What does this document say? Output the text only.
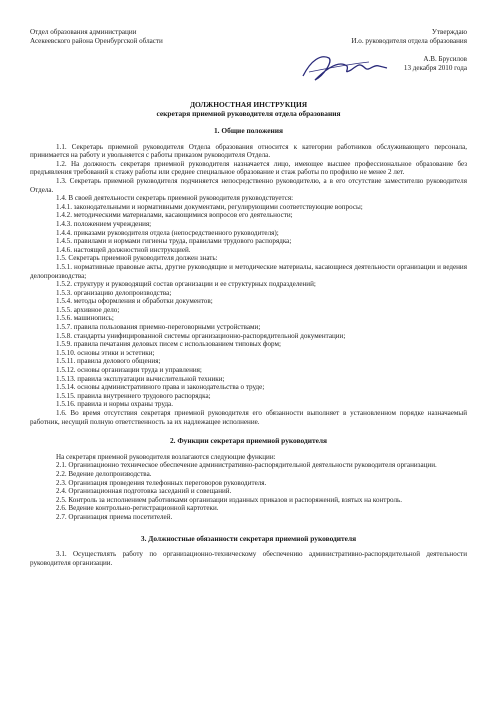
Отдел образования администрации
Асекеевского района Оренбургской области
Утверждаю
И.о. руководителя отдела образования
А.В. Брусилов
13 декабря 2010 года
ДОЛЖНОСТНАЯ ИНСТРУКЦИЯ
секретаря приемной руководителя отдела образования
1. Общие положения

1.1. Секретарь приемной руководителя Отдела образования относится к категории работников обслуживающего персонала, принимается на работу и увольняется с работы приказом руководителя Отдела.

1.2. На должность секретаря приемной руководителя назначается лицо, имеющее высшее профессиональное образование без предъявления требований к стажу работы или среднее специальное образование и стаж работы по профилю не менее 2 лет.

1.3. Секретарь приемной руководителя подчиняется непосредственно руководителю, а в его отсутствие заместителю руководителя Отдела.

1.4. В своей деятельности секретарь приемной руководителя руководствуется:

1.4.1. законодательными и нормативными документами, регулирующими соответствующие вопросы;

1.4.2. методическими материалами, касающимися вопросов его деятельности;

1.4.3. положением учреждения;

1.4.4. приказами руководителя отдела (непосредственного руководителя);

1.4.5. правилами и нормами гигиены труда, правилами трудового распорядка;

1.4.6. настоящей должностной инструкцией.

1.5. Секретарь приемной руководителя должен знать:

1.5.1. нормативные правовые акты, другие руководящие и методические материалы, касающиеся деятельности организации и ведения делопроизводства;

1.5.2. структуру и руководящий состав организации и ее структурных подразделений;

1.5.3. организацию делопроизводства;

1.5.4. методы оформления и обработки документов;

1.5.5. архивное дело;

1.5.6. машинопись;

1.5.7. правила пользования приемно-переговорными устройствами;

1.5.8. стандарты унифицированной системы организационно-распорядительной документации;

1.5.9. правила печатания деловых писем с использованием типовых форм;

1.5.10. основы этики и эстетики;

1.5.11. правила делового общения;

1.5.12. основы организации труда и управления;

1.5.13. правила эксплуатации вычислительной техники;

1.5.14. основы административного права и законодательства о труде;

1.5.15. правила внутреннего трудового распорядка;

1.5.16. правила и нормы охраны труда.

1.6. Во время отсутствия секретаря приемной руководителя его обязанности выполняет в установленном порядке назначаемый работник, несущий полную ответственность за их надлежащее исполнение.

2. Функции секретаря приемной руководителя

На секретаря приемной руководителя возлагаются следующие функции:

2.1. Организационно техническое обеспечение административно-распорядительной деятельности руководителя организации.

2.2. Ведение делопроизводства.

2.3. Организация проведения телефонных переговоров руководителя.

2.4. Организационная подготовка заседаний и совещаний.

2.5. Контроль за исполнением работниками организации изданных приказов и распоряжений, взятых на контроль.

2.6. Ведение контрольно-регистрационной картотеки.

2.7. Организация приема посетителей.

3. Должностные обязанности секретаря приемной руководителя

3.1. Осуществлять работу по организационно-техническому обеспечению административно-распорядительной деятельности руководителя организации.
